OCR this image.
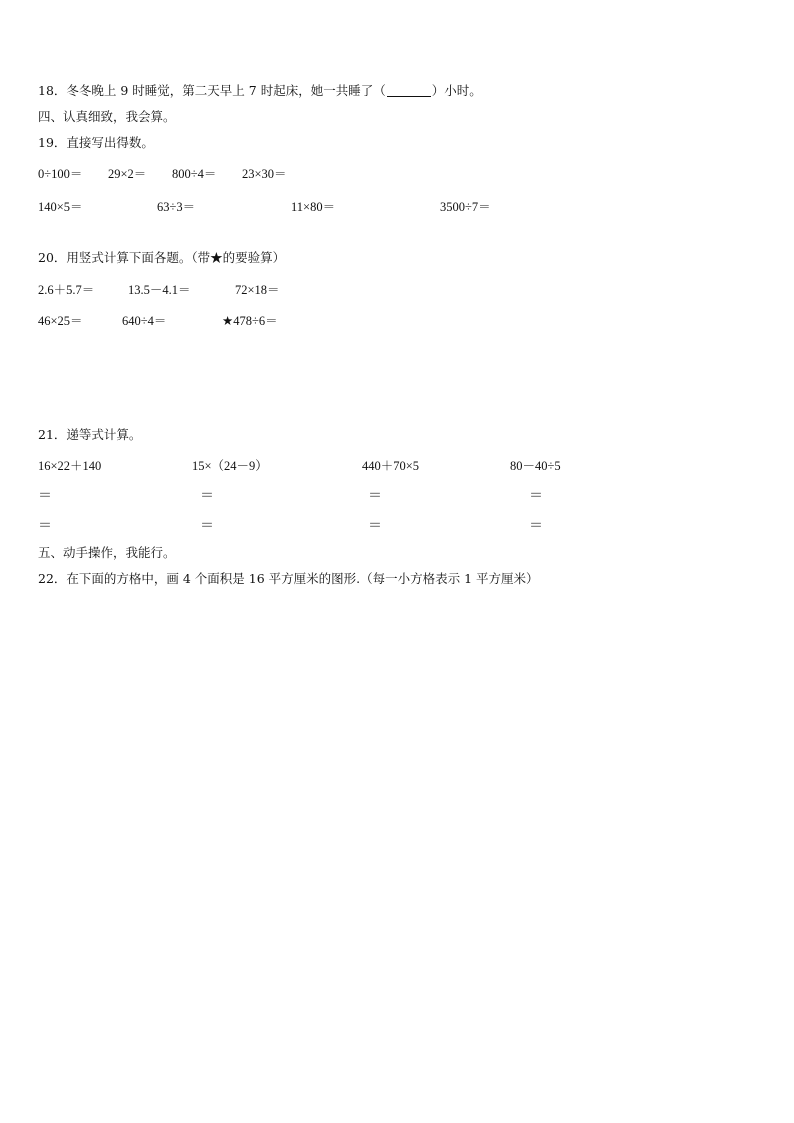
18．冬冬晚上 9 时睡觉，第二天早上 7 时起床，她一共睡了（	）小时。
四、认真细致，我会算。
19．直接写出得数。
0÷100＝ 29×2＝ 800÷4＝ 23×30＝
140×5＝	63÷3＝	11×80＝	3500÷7＝
20．用竖式计算下面各题。（带★的要验算）
2.6＋5.7＝	13.5－4.1＝	72×18＝
46×25＝	640÷4＝	★478÷6＝
21．递等式计算。
16×22＋140	15×（24－9）	440＋70×5	80－40÷5
＝	＝	＝	＝
＝	＝	＝	＝
五、动手操作，我能行。
22．在下面的方格中，画 4 个面积是 16 平方厘米的图形.（每一小方格表示 1 平方厘米）
